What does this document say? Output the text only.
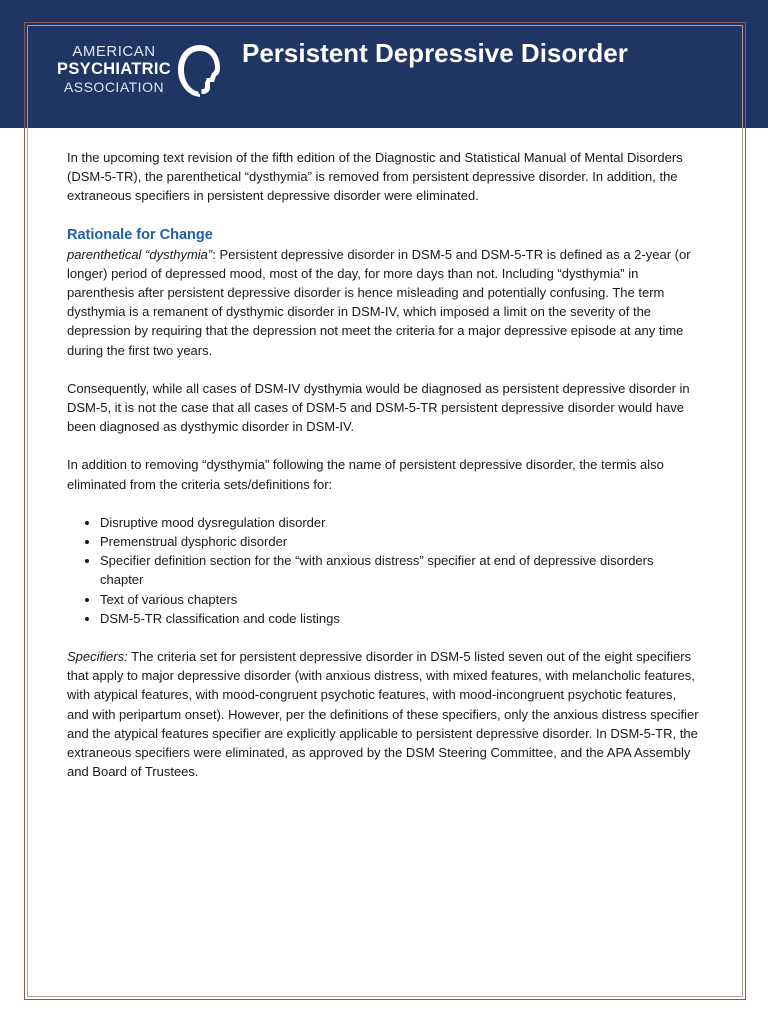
AMERICAN
PSYCHIATRIC
ASSOCIATION
Persistent Depressive Disorder

In the upcoming text revision of the fifth edition of the Diagnostic and Statistical Manual of Mental Disorders (DSM-5-TR), the parenthetical “dysthymia” is removed from persistent depressive disorder. In addition, the extraneous specifiers in persistent depressive disorder were eliminated.

Rationale for Change

parenthetical “dysthymia”: Persistent depressive disorder in DSM-5 and DSM-5-TR is defined as a 2-year (or longer) period of depressed mood, most of the day, for more days than not. Including “dysthymia” in parenthesis after persistent depressive disorder is hence misleading and potentially confusing. The term dysthymia is a remanent of dysthymic disorder in DSM-IV, which imposed a limit on the severity of the depression by requiring that the depression not meet the criteria for a major depressive episode at any time during the first two years.

Consequently, while all cases of DSM-IV dysthymia would be diagnosed as persistent depressive disorder in DSM-5, it is not the case that all cases of DSM-5 and DSM-5-TR persistent depressive disorder would have been diagnosed as dysthymic disorder in DSM-IV.

In addition to removing “dysthymia” following the name of persistent depressive disorder, the termis also eliminated from the criteria sets/definitions for:

• Disruptive mood dysregulation disorder
• Premenstrual dysphoric disorder
• Specifier definition section for the “with anxious distress” specifier at end of depressive disorders chapter
• Text of various chapters
• DSM-5-TR classification and code listings

Specifiers: The criteria set for persistent depressive disorder in DSM-5 listed seven out of the eight specifiers that apply to major depressive disorder (with anxious distress, with mixed features, with melancholic features, with atypical features, with mood-congruent psychotic features, with mood-incongruent psychotic features, and with peripartum onset). However, per the definitions of these specifiers, only the anxious distress specifier and the atypical features specifier are explicitly applicable to persistent depressive disorder. In DSM-5-TR, the extraneous specifiers were eliminated, as approved by the DSM Steering Committee, and the APA Assembly and Board of Trustees.
